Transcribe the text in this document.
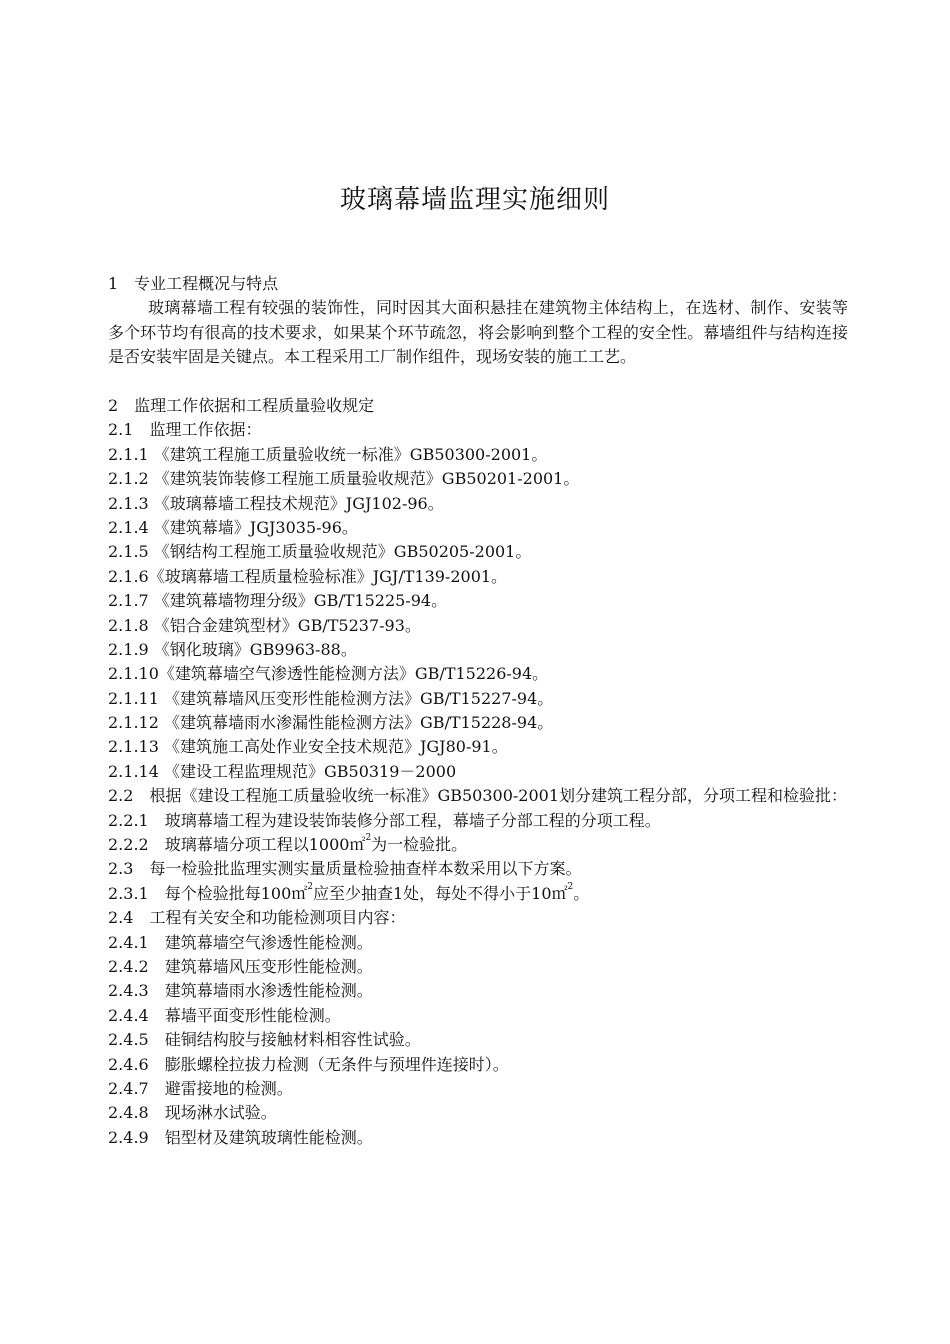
玻璃幕墙监理实施细则
1　专业工程概况与特点
玻璃幕墙工程有较强的装饰性，同时因其大面积悬挂在建筑物主体结构上，在选材、制作、安装等多个环节均有很高的技术要求，如果某个环节疏忽，将会影响到整个工程的安全性。幕墙组件与结构连接是否安装牢固是关键点。本工程采用工厂制作组件，现场安装的施工工艺。
2　监理工作依据和工程质量验收规定
2.1　监理工作依据：
2.1.1 《建筑工程施工质量验收统一标准》GB50300-2001。
2.1.2 《建筑装饰装修工程施工质量验收规范》GB50201-2001。
2.1.3 《玻璃幕墙工程技术规范》JGJ102-96。
2.1.4 《建筑幕墙》JGJ3035-96。
2.1.5 《钢结构工程施工质量验收规范》GB50205-2001。
2.1.6《玻璃幕墙工程质量检验标准》JGJ/T139-2001。
2.1.7 《建筑幕墙物理分级》GB/T15225-94。
2.1.8 《铝合金建筑型材》GB/T5237-93。
2.1.9 《钢化玻璃》GB9963-88。
2.1.10《建筑幕墙空气渗透性能检测方法》GB/T15226-94。
2.1.11 《建筑幕墙风压变形性能检测方法》GB/T15227-94。
2.1.12 《建筑幕墙雨水渗漏性能检测方法》GB/T15228-94。
2.1.13 《建筑施工高处作业安全技术规范》JGJ80-91。
2.1.14 《建设工程监理规范》GB50319－2000
2.2　根据《建设工程施工质量验收统一标准》GB50300-2001划分建筑工程分部，分项工程和检验批：
2.2.1　玻璃幕墙工程为建设装饰装修分部工程，幕墙子分部工程的分项工程。
2.2.2　玻璃幕墙分项工程以1000㎡$^2$为一检验批。
2.3　每一检验批监理实测实量质量检验抽查样本数采用以下方案。
2.3.1　每个检验批每100㎡$^2$应至少抽查1处，每处不得小于10㎡$^2$。
2.4　工程有关安全和功能检测项目内容：
2.4.1　建筑幕墙空气渗透性能检测。
2.4.2　建筑幕墙风压变形性能检测。
2.4.3　建筑幕墙雨水渗透性能检测。
2.4.4　幕墙平面变形性能检测。
2.4.5　硅铜结构胶与接触材料相容性试验。
2.4.6　膨胀螺栓拉拔力检测（无条件与预埋件连接时）。
2.4.7　避雷接地的检测。
2.4.8　现场淋水试验。
2.4.9　铝型材及建筑玻璃性能检测。
